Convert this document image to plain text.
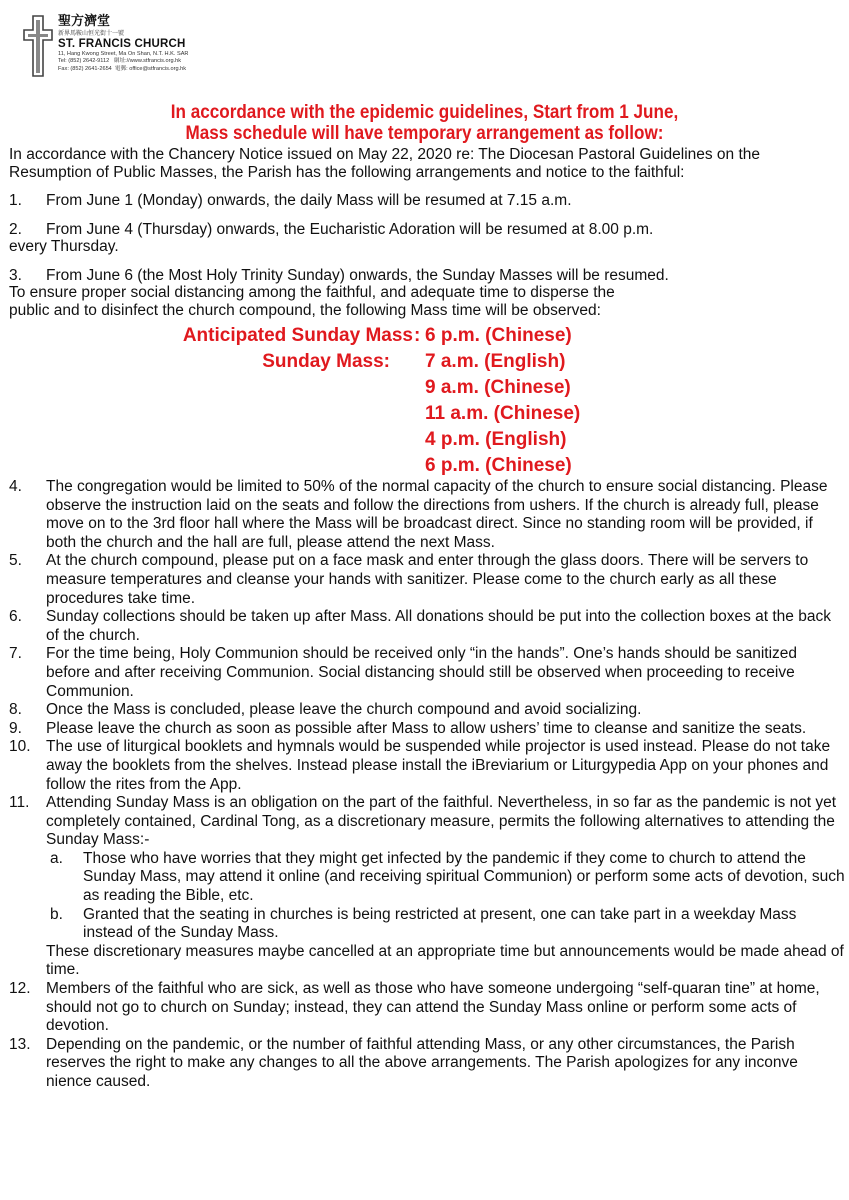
聖方濟堂
新界馬鞍山恒光街十一號
ST. FRANCIS CHURCH
11, Hang Kwong Street, Ma On Shan, N.T. H.K. SAR
Tel: (852) 2642-9112 網址://www.stfrancis.org.hk
Fax: (852) 2641-2654 電郵: office@stfrancis.org.hk
In accordance with the epidemic guidelines, Start from 1 June,
Mass schedule will have temporary arrangement as follow:

In accordance with the Chancery Notice issued on May 22, 2020 re: The Diocesan Pastoral Guidelines on the Resumption of Public Masses, the Parish has the following arrangements and notice to the faithful:

1.	From June 1 (Monday) onwards, the daily Mass will be resumed at 7.15 a.m.
2.	From June 4 (Thursday) onwards, the Eucharistic Adoration will be resumed at 8.00 p.m.
every Thursday.
3.	From June 6 (the Most Holy Trinity Sunday) onwards, the Sunday Masses will be resumed.
To ensure proper social distancing among the faithful, and adequate time to disperse the
public and to disinfect the church compound, the following Mass time will be observed:
Anticipated Sunday Mass : 6 p.m. (Chinese)
Sunday Mass: 7 a.m. (English)
9 a.m. (Chinese)
11 a.m. (Chinese)
4 p.m. (English)
6 p.m. (Chinese)
4.	The congregation would be limited to 50% of the normal capacity of the church to ensure social distancing. Please observe the instruction laid on the seats and follow the directions from ushers. If the church is already full, please move on to the 3rd floor hall where the Mass will be broadcast direct. Since no standing room will be provided, if both the church and the hall are full, please attend the next Mass.
5.	At the church compound, please put on a face mask and enter through the glass doors. There will be servers to measure temperatures and cleanse your hands with sanitizer. Please come to the church early as all these procedures take time.
6.	Sunday collections should be taken up after Mass. All donations should be put into the collection boxes at the back of the church.
7.	For the time being, Holy Communion should be received only “in the hands”. One’s hands should be sanitized before and after receiving Communion. Social distancing should still be observed when proceeding to receive Communion.
8.	Once the Mass is concluded, please leave the church compound and avoid socializing.
9.	Please leave the church as soon as possible after Mass to allow ushers’ time to cleanse and sanitize the seats.
10. The use of liturgical booklets and hymnals would be suspended while projector is used instead. Please do not take away the booklets from the shelves. Instead please install the iBreviarium or Liturgypedia App on your phones and follow the rites from the App.
11.	Attending Sunday Mass is an obligation on the part of the faithful. Nevertheless, in so far as the pandemic is not yet completely contained, Cardinal Tong, as a discretionary measure, permits the following alternatives to attending the Sunday Mass:-
a.	Those who have worries that they might get infected by the pandemic if they come to church to attend the Sunday Mass, may attend it online (and receiving spiritual Communion) or perform some acts of devotion, such as reading the Bible, etc.
b.	Granted that the seating in churches is being restricted at present, one can take part in a weekday Mass instead of the Sunday Mass.
These discretionary measures maybe cancelled at an appropriate time but announcements would be made ahead of time.
12. Members of the faithful who are sick, as well as those who have someone undergoing “self-quaran tine” at home, should not go to church on Sunday; instead, they can attend the Sunday Mass online or perform some acts of devotion.
13. Depending on the pandemic, or the number of faithful attending Mass, or any other circumstances, the Parish reserves the right to make any changes to all the above arrangements. The Parish apologizes for any inconve nience caused.
